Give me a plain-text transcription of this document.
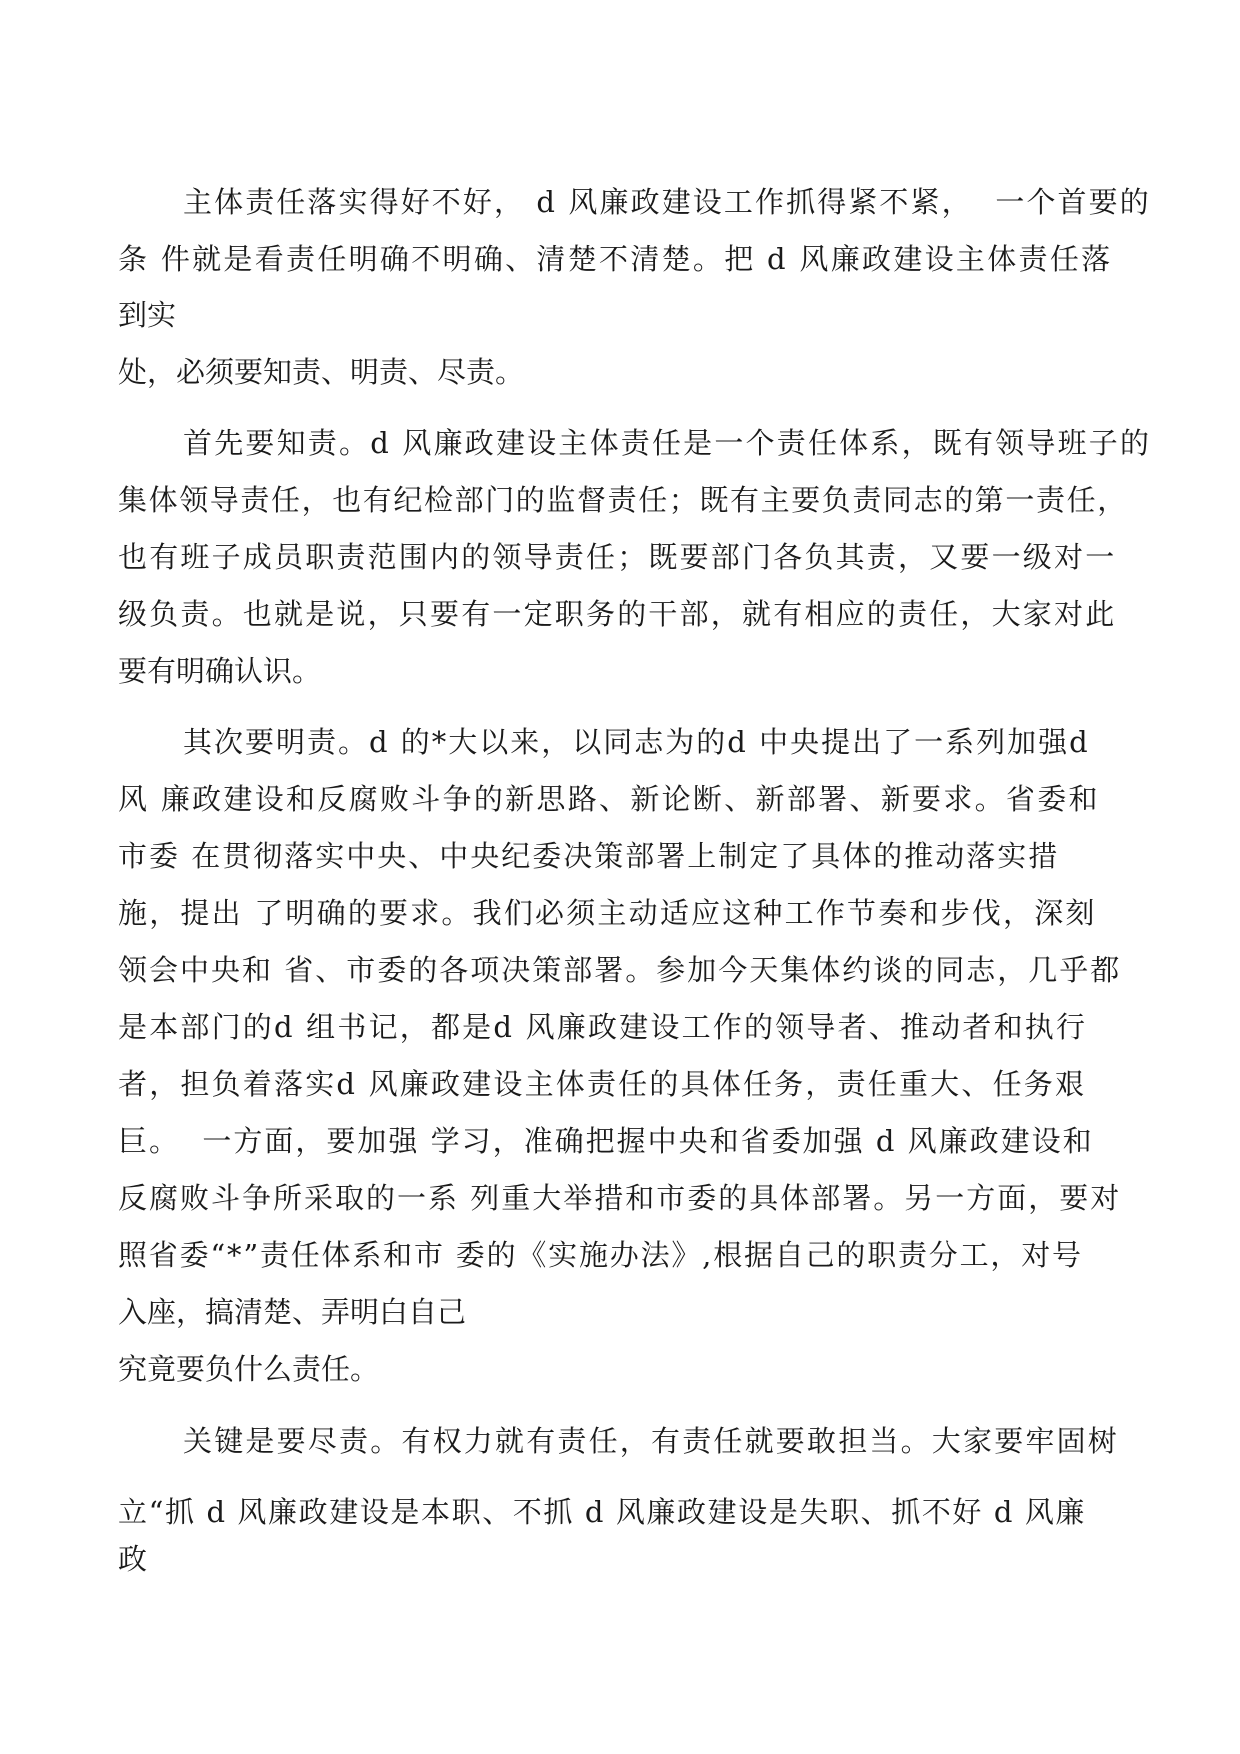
主体责任落实得好不好， d 风廉政建设工作抓得紧不紧，  一个首要的
条 件就是看责任明确不明确、清楚不清楚。把 d 风廉政建设主体责任落
到实
处，必须要知责、明责、尽责。
首先要知责。d 风廉政建设主体责任是一个责任体系，既有领导班子的
集体领导责任，也有纪检部门的监督责任；既有主要负责同志的第一责任，
也有班子成员职责范围内的领导责任；既要部门各负其责，又要一级对一
级负责。也就是说，只要有一定职务的干部，就有相应的责任，大家对此
要有明确认识。
其次要明责。d 的*大以来，以同志为的d 中央提出了一系列加强d
风 廉政建设和反腐败斗争的新思路、新论断、新部署、新要求。省委和
市委 在贯彻落实中央、中央纪委决策部署上制定了具体的推动落实措
施，提出 了明确的要求。我们必须主动适应这种工作节奏和步伐，深刻
领会中央和 省、市委的各项决策部署。参加今天集体约谈的同志，几乎都
是本部门的d 组书记，都是d 风廉政建设工作的领导者、推动者和执行
者，担负着落实d 风廉政建设主体责任的具体任务，责任重大、任务艰
巨。  一方面，要加强 学习，准确把握中央和省委加强 d 风廉政建设和
反腐败斗争所采取的一系 列重大举措和市委的具体部署。另一方面，要对
照省委“*”责任体系和市 委的《实施办法》,根据自己的职责分工，对号
入座，搞清楚、弄明白自己
究竟要负什么责任。
关键是要尽责。有权力就有责任，有责任就要敢担当。大家要牢固树
立“抓 d 风廉政建设是本职、不抓 d 风廉政建设是失职、抓不好 d 风廉
政
